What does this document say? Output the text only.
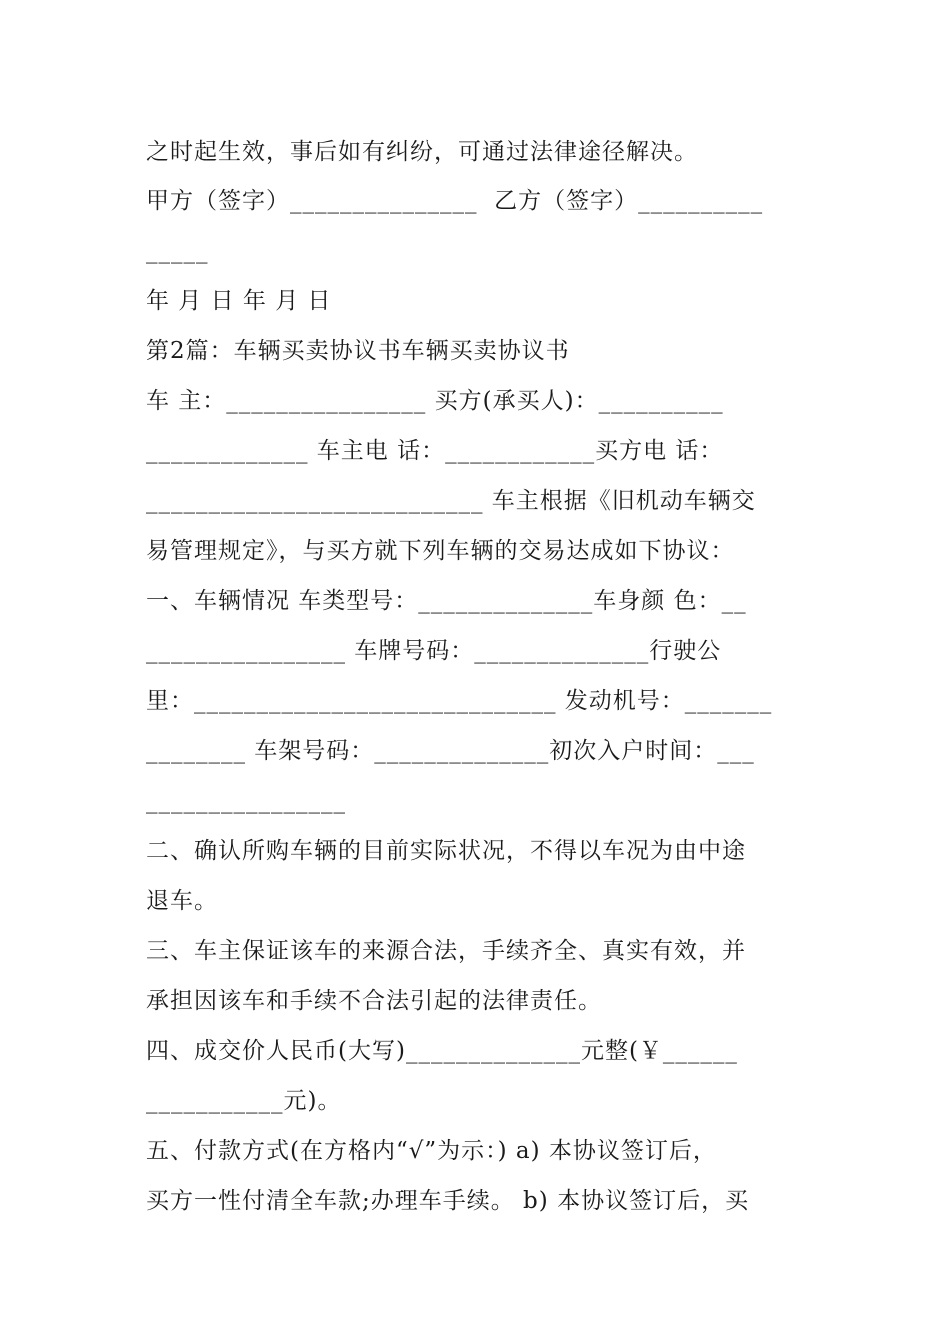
之时起生效，事后如有纠纷，可通过法律途径解决。
甲方（签字）_______________  乙方（签字）__________
_____
年 月 日 年 月 日
第2篇：车辆买卖协议书车辆买卖协议书
车 主：________________ 买方(承买人)：__________
_____________ 车主电 话：____________买方电 话：
___________________________ 车主根据《旧机动车辆交
易管理规定》，与买方就下列车辆的交易达成如下协议：
一、车辆情况 车类型号：______________车身颜 色：__
________________ 车牌号码：______________行驶公
里：_____________________________ 发动机号：_______
________ 车架号码：______________初次入户时间：___
________________
二、确认所购车辆的目前实际状况，不得以车况为由中途
退车。
三、车主保证该车的来源合法，手续齐全、真实有效，并
承担因该车和手续不合法引起的法律责任。
四、成交价人民币(大写)______________元整(￥______
___________元)。
五、付款方式(在方格内“√”为示：) a) 本协议签订后，
买方一性付清全车款;办理车手续。 b) 本协议签订后，买
